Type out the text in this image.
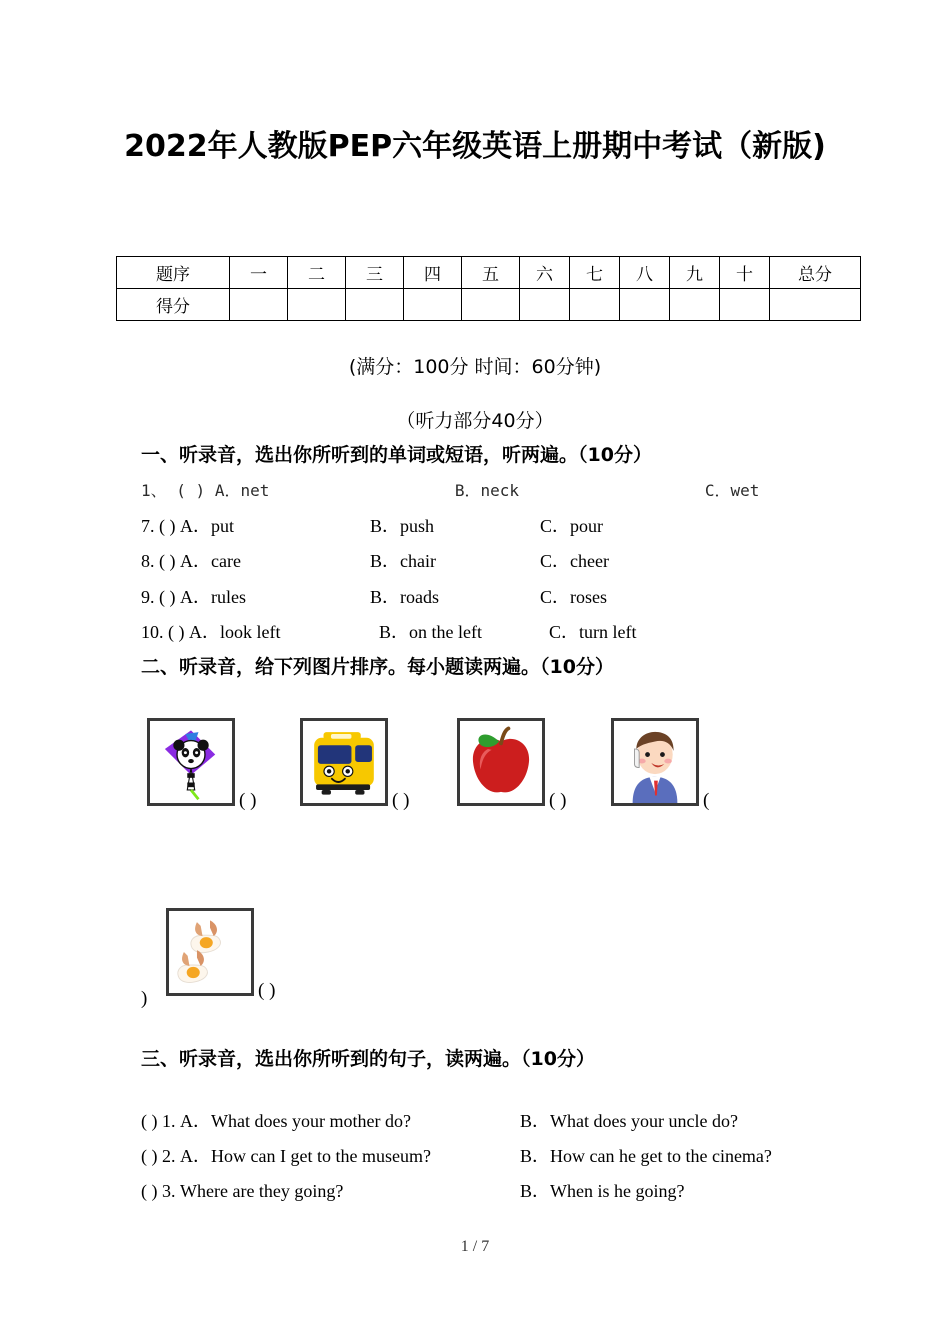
2022年人教版PEP六年级英语上册期中考试（新版)
题序	一	二	三	四	五	六	七	八	九	十	总分
得分											
(满分：100分 时间：60分钟)
（听力部分40分）
一、听录音，选出你所听到的单词或短语，听两遍。（10分）
1、 ( ) A．net	B．neck	C．wet
7. ( ) A．put	B．push	C．pour
8. ( ) A．care	B．chair	C．cheer
9. ( ) A．rules	B．roads	C．roses
10. ( ) A．look left	B．on the left	C．turn left
二、听录音，给下列图片排序。每小题读两遍。（10分）
( )	( )	( )	(
)	( )
三、听录音，选出你所听到的句子，读两遍。（10分）
( ) 1. A．What does your mother do?	B．What does your uncle do?
( ) 2. A．How can I get to the museum?	B．How can he get to the cinema?
( ) 3. Where are they going?	B．When is he going?
1 / 7
